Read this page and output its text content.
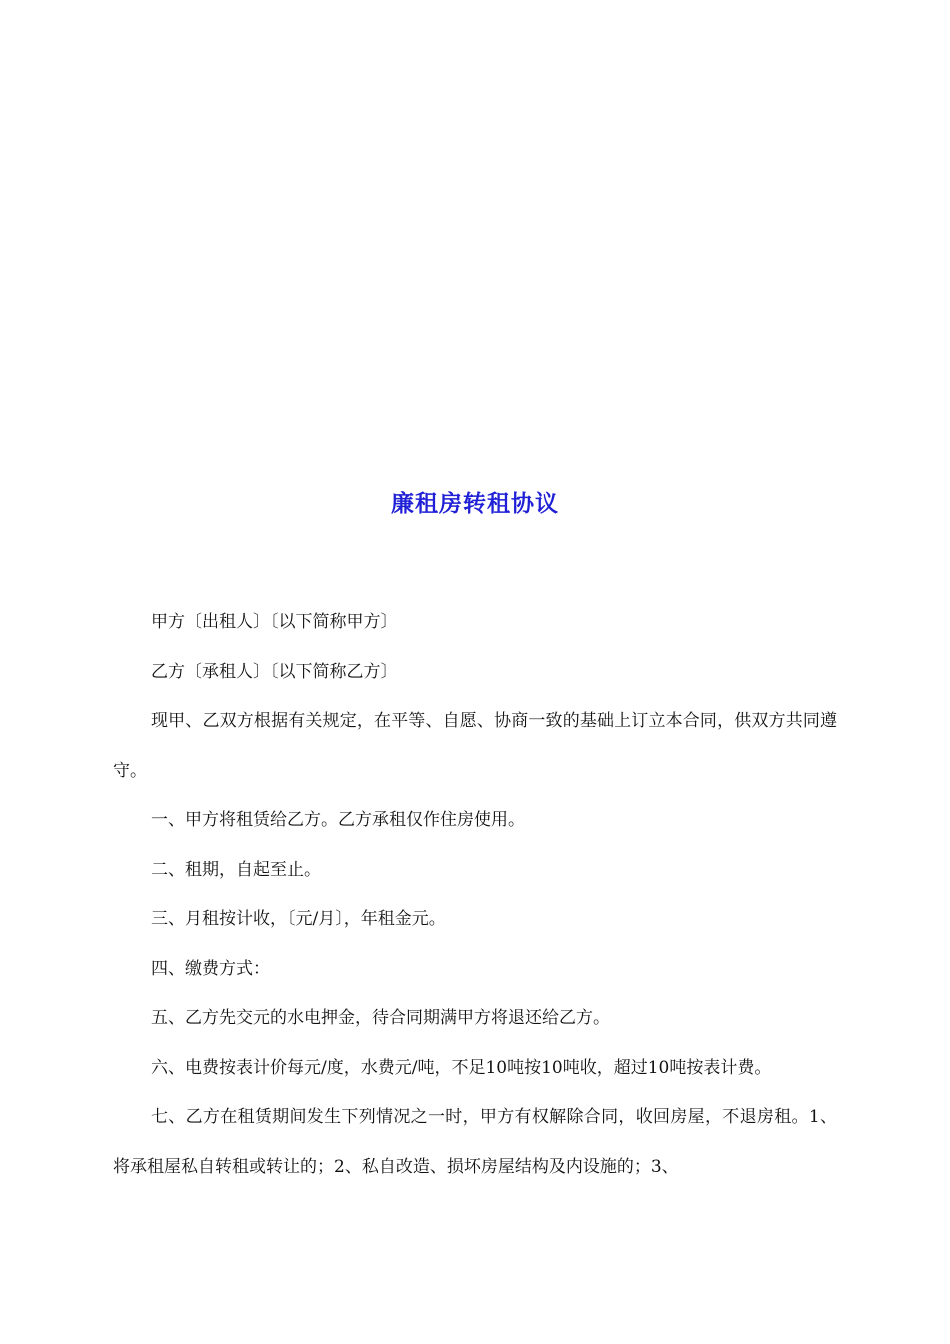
廉租房转租协议

甲方〔出租人〕〔以下简称甲方〕

乙方〔承租人〕〔以下简称乙方〕

现甲、乙双方根据有关规定，在平等、自愿、协商一致的基础上订立本合同，供双方共同遵守。

一、甲方将租赁给乙方。乙方承租仅作住房使用。

二、租期，自起至止。

三、月租按计收，〔元/月〕，年租金元。

四、缴费方式：

五、乙方先交元的水电押金，待合同期满甲方将退还给乙方。

六、电费按表计价每元/度，水费元/吨，不足10吨按10吨收，超过10吨按表计费。

七、乙方在租赁期间发生下列情况之一时，甲方有权解除合同，收回房屋，不退房租。1、将承租屋私自转租或转让的；2、私自改造、损坏房屋结构及内设施的；3、
